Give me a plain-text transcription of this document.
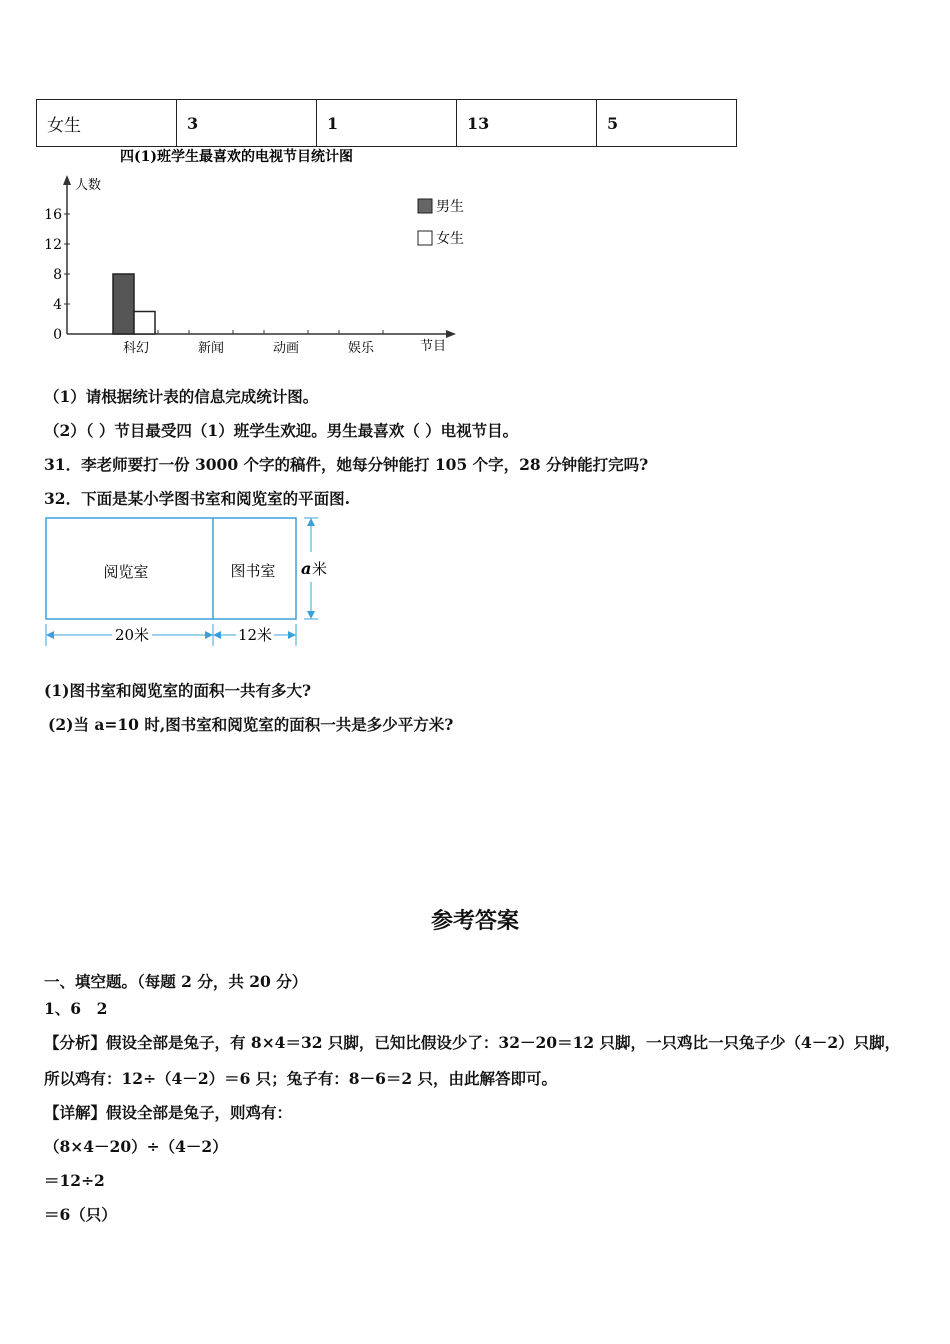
女生	3	1	13	5
四(1)班学生最喜欢的电视节目统计图
人数
节目
0
4
8
12
16
科幻	新闻	动画	娱乐
男生
女生
（1）请根据统计表的信息完成统计图。
（2）（ ）节目最受四（1）班学生欢迎。男生最喜欢（ ）电视节目。
31．李老师要打一份 3000 个字的稿件，她每分钟能打 105 个字，28 分钟能打完吗?
32．下面是某小学图书室和阅览室的平面图.
阅览室	图书室 a 米
20米	12米
(1)图书室和阅览室的面积一共有多大?
(2)当 a=10 时,图书室和阅览室的面积一共是多少平方米?
参考答案
一、填空题。（每题 2 分，共 20 分）
1、6　2
【分析】假设全部是兔子，有 8×4＝32 只脚，已知比假设少了：32－20＝12 只脚，一只鸡比一只兔子少（4－2）只脚，
所以鸡有：12÷（4－2）＝6 只；兔子有：8－6＝2 只，由此解答即可。
【详解】假设全部是兔子，则鸡有：
（8×4－20）÷（4－2）
＝12÷2
＝6（只）
